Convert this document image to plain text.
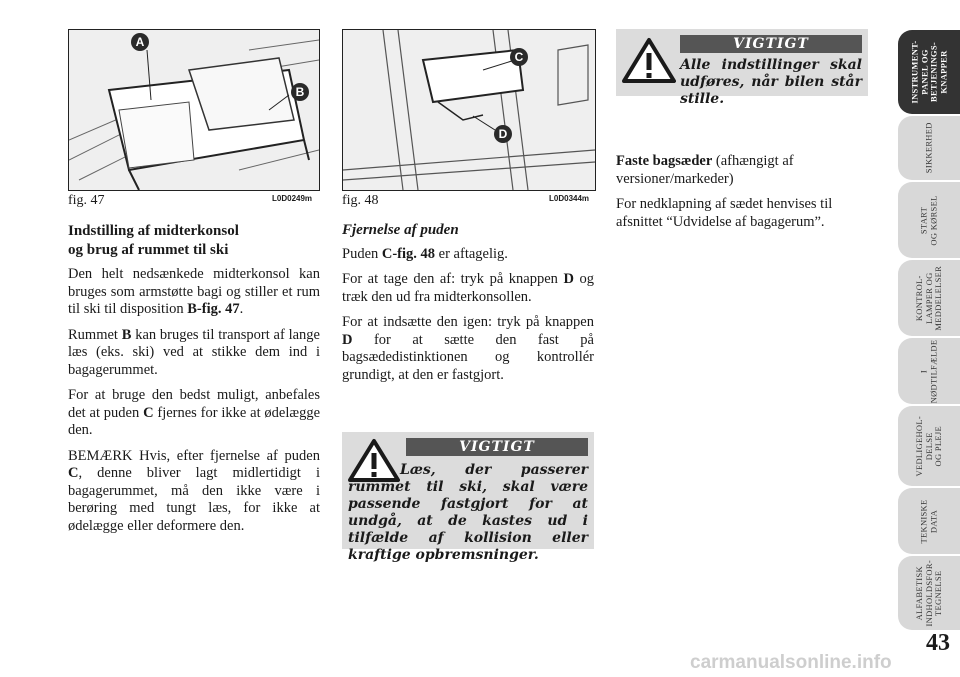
A
B
fig. 47	L0D0249m
C
D
fig. 48	L0D0344m
Indstilling af midterkonsol
og brug af rummet til ski

Den helt nedsænkede midterkonsol kan bruges som armstøtte bagi og stiller et rum til ski til disposition B-fig. 47.

Rummet B kan bruges til transport af lange læs (eks. ski) ved at stikke dem ind i bagagerummet.

For at bruge den bedst muligt, anbefales det at puden C fjernes for ikke at ødelægge den.

BEMÆRK Hvis, efter fjernelse af puden C, denne bliver lagt midlertidigt i bagagerummet, må den ikke være i berøring med tungt læs, for ikke at ødelægge eller deformere den.

Fjernelse af puden

Puden C-fig. 48 er aftagelig.

For at tage den af: tryk på knappen D og træk den ud fra midterkonsollen.

For at indsætte den igen: tryk på knappen D for at sætte den fast på bagsædedistinktionen og kontrollér grundigt, at den er fastgjort.

VIGTIGT
Læs, der passerer rummet til ski, skal være passende fastgjort for at undgå, at de kastes ud i tilfælde af kollision eller kraftige opbremsninger.
VIGTIGT
Alle indstillinger skal udføres, når bilen står stille.

Faste bagsæder (afhængigt af versioner/markeder)

For nedklapning af sædet henvises til afsnittet “Udvidelse af bagagerum”.

INSTRUMENT-
PANEL OG
BETJENINGS-
KNAPPER
SIKKERHED
START
OG KØRSEL
KONTROL-
LAMPER OG
MEDDELELSER
I
NØDTILFÆLDE
VEDLIGEHOL-
DELSE
OG PLEJE
TEKNISKE
DATA
ALFABETISK
INDHOLDSFOR-
TEGNELSE
43
carmanualsonline.info
